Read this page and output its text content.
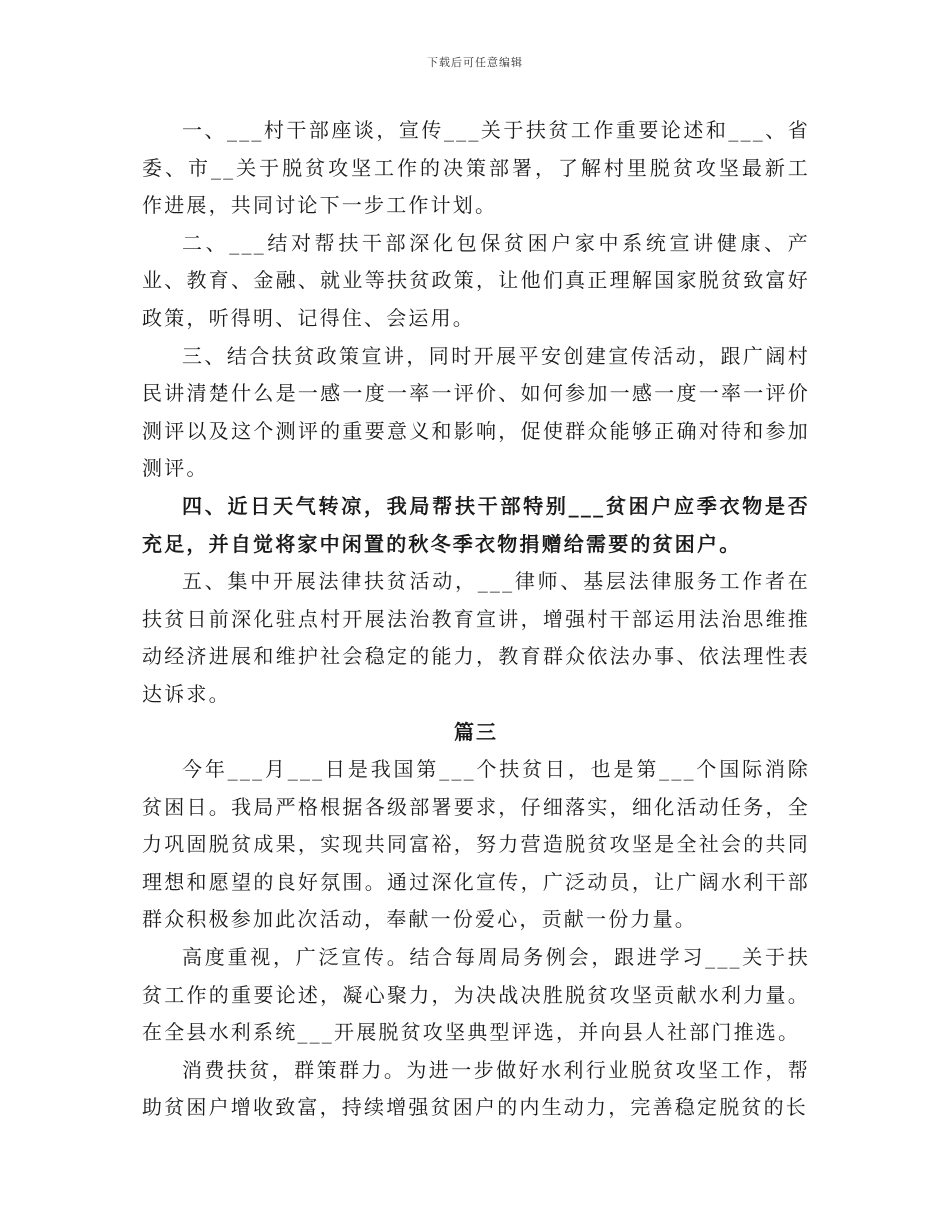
下载后可任意编辑

一、___村干部座谈，宣传___关于扶贫工作重要论述和___、省委、市__关于脱贫攻坚工作的决策部署，了解村里脱贫攻坚最新工作进展，共同讨论下一步工作计划。

二、___结对帮扶干部深化包保贫困户家中系统宣讲健康、产业、教育、金融、就业等扶贫政策，让他们真正理解国家脱贫致富好政策，听得明、记得住、会运用。

三、结合扶贫政策宣讲，同时开展平安创建宣传活动，跟广阔村民讲清楚什么是一感一度一率一评价、如何参加一感一度一率一评价测评以及这个测评的重要意义和影响，促使群众能够正确对待和参加测评。

四、近日天气转凉，我局帮扶干部特别___贫困户应季衣物是否充足，并自觉将家中闲置的秋冬季衣物捐赠给需要的贫困户。

五、集中开展法律扶贫活动，___律师、基层法律服务工作者在扶贫日前深化驻点村开展法治教育宣讲，增强村干部运用法治思维推动经济进展和维护社会稳定的能力，教育群众依法办事、依法理性表达诉求。

篇三

今年___月___日是我国第___个扶贫日，也是第___个国际消除贫困日。我局严格根据各级部署要求，仔细落实，细化活动任务，全力巩固脱贫成果，实现共同富裕，努力营造脱贫攻坚是全社会的共同理想和愿望的良好氛围。通过深化宣传，广泛动员，让广阔水利干部群众积极参加此次活动，奉献一份爱心，贡献一份力量。

高度重视，广泛宣传。结合每周局务例会，跟进学习___关于扶贫工作的重要论述，凝心聚力，为决战决胜脱贫攻坚贡献水利力量。在全县水利系统___开展脱贫攻坚典型评选，并向县人社部门推选。

消费扶贫，群策群力。为进一步做好水利行业脱贫攻坚工作，帮助贫困户增收致富，持续增强贫困户的内生动力，完善稳定脱贫的长
